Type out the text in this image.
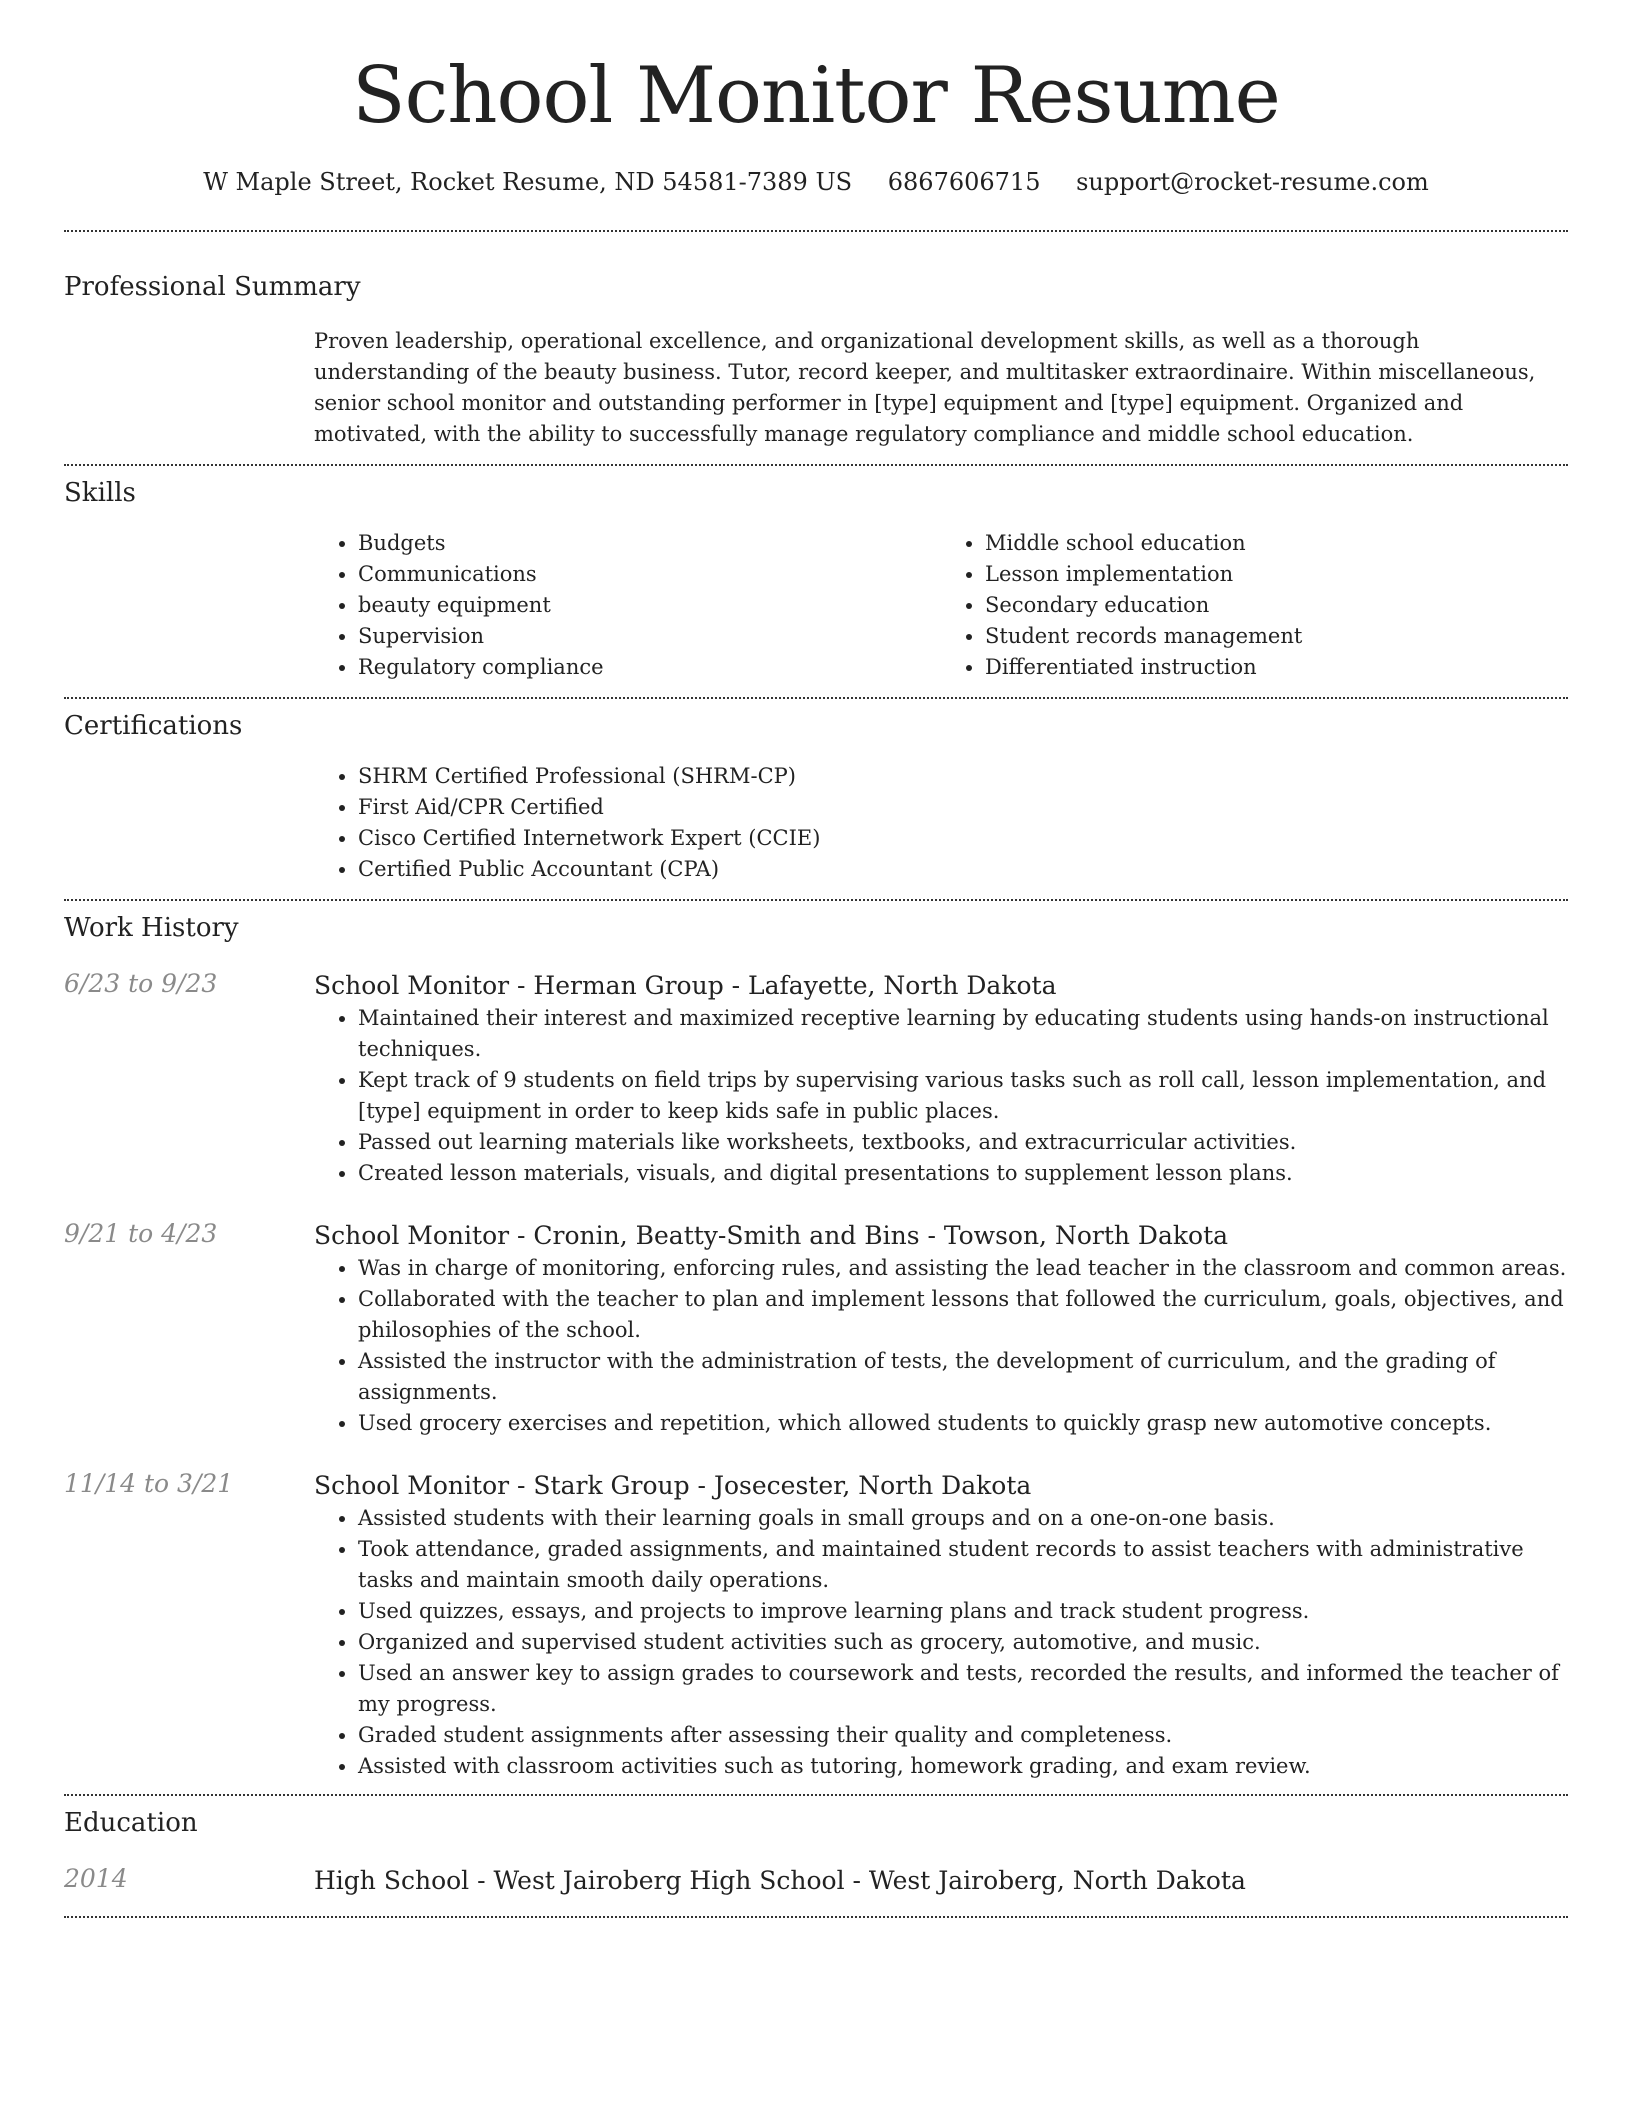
School Monitor Resume
W Maple Street, Rocket Resume, ND 54581-7389 US 6867606715 support@rocket-resume.com
Professional Summary
Proven leadership, operational excellence, and organizational development skills, as well as a thorough understanding of the beauty business. Tutor, record keeper, and multitasker extraordinaire. Within miscellaneous, senior school monitor and outstanding performer in [type] equipment and [type] equipment. Organized and motivated, with the ability to successfully manage regulatory compliance and middle school education.
Skills
• Budgets
• Communications
• beauty equipment
• Supervision
• Regulatory compliance
• Middle school education
• Lesson implementation
• Secondary education
• Student records management
• Differentiated instruction
Certifications
• SHRM Certified Professional (SHRM-CP)
• First Aid/CPR Certified
• Cisco Certified Internetwork Expert (CCIE)
• Certified Public Accountant (CPA)
Work History
6/23 to 9/23	School Monitor - Herman Group - Lafayette, North Dakota
• Maintained their interest and maximized receptive learning by educating students using hands-on instructional techniques.
• Kept track of 9 students on field trips by supervising various tasks such as roll call, lesson implementation, and [type] equipment in order to keep kids safe in public places.
• Passed out learning materials like worksheets, textbooks, and extracurricular activities.
• Created lesson materials, visuals, and digital presentations to supplement lesson plans.
9/21 to 4/23	School Monitor - Cronin, Beatty-Smith and Bins - Towson, North Dakota
• Was in charge of monitoring, enforcing rules, and assisting the lead teacher in the classroom and common areas.
• Collaborated with the teacher to plan and implement lessons that followed the curriculum, goals, objectives, and philosophies of the school.
• Assisted the instructor with the administration of tests, the development of curriculum, and the grading of assignments.
• Used grocery exercises and repetition, which allowed students to quickly grasp new automotive concepts.
11/14 to 3/21	School Monitor - Stark Group - Josecester, North Dakota
• Assisted students with their learning goals in small groups and on a one-on-one basis.
• Took attendance, graded assignments, and maintained student records to assist teachers with administrative tasks and maintain smooth daily operations.
• Used quizzes, essays, and projects to improve learning plans and track student progress.
• Organized and supervised student activities such as grocery, automotive, and music.
• Used an answer key to assign grades to coursework and tests, recorded the results, and informed the teacher of my progress.
• Graded student assignments after assessing their quality and completeness.
• Assisted with classroom activities such as tutoring, homework grading, and exam review.
Education
2014	High School - West Jairoberg High School - West Jairoberg, North Dakota
